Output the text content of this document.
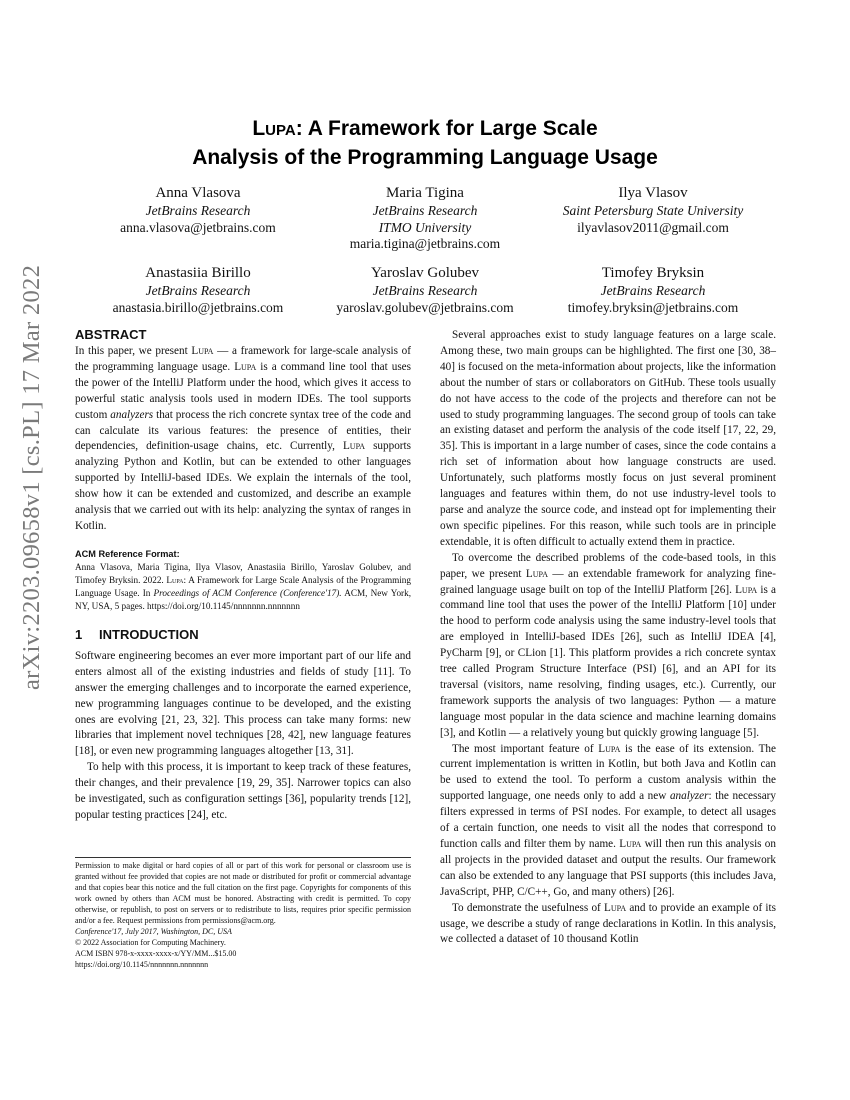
arXiv:2203.09658v1 [cs.PL] 17 Mar 2022
Lupa: A Framework for Large Scale
Analysis of the Programming Language Usage
Anna Vlasova
JetBrains Research
anna.vlasova@jetbrains.com
Maria Tigina
JetBrains Research
ITMO University
maria.tigina@jetbrains.com
Ilya Vlasov
Saint Petersburg State University
ilyavlasov2011@gmail.com
Anastasiia Birillo
JetBrains Research
anastasia.birillo@jetbrains.com
Yaroslav Golubev
JetBrains Research
yaroslav.golubev@jetbrains.com
Timofey Bryksin
JetBrains Research
timofey.bryksin@jetbrains.com

ABSTRACT

In this paper, we present Lupa — a framework for large-scale analysis of the programming language usage. Lupa is a command line tool that uses the power of the IntelliJ Platform under the hood, which gives it access to powerful static analysis tools used in modern IDEs. The tool supports custom analyzers that process the rich concrete syntax tree of the code and can calculate its various features: the presence of entities, their dependencies, definition-usage chains, etc. Currently, Lupa supports analyzing Python and Kotlin, but can be extended to other languages supported by IntelliJ-based IDEs. We explain the internals of the tool, show how it can be extended and customized, and describe an example analysis that we carried out with its help: analyzing the syntax of ranges in Kotlin.

ACM Reference Format:

Anna Vlasova, Maria Tigina, Ilya Vlasov, Anastasiia Birillo, Yaroslav Golubev, and Timofey Bryksin. 2022. Lupa: A Framework for Large Scale Analysis of the Programming Language Usage. In Proceedings of ACM Conference (Conference'17). ACM, New York, NY, USA, 5 pages. https://doi.org/10.1145/nnnnnnn.nnnnnnn

1 INTRODUCTION

Software engineering becomes an ever more important part of our life and enters almost all of the existing industries and fields of study [11]. To answer the emerging challenges and to incorporate the earned experience, new programming languages continue to be developed, and the existing ones are evolving [21, 23, 32]. This process can take many forms: new libraries that implement novel techniques [28, 42], new language features [18], or even new programming languages altogether [13, 31].

To help with this process, it is important to keep track of these features, their changes, and their prevalence [19, 29, 35]. Narrower topics can also be investigated, such as configuration settings [36], popularity trends [12], popular testing practices [24], etc.

Permission to make digital or hard copies of all or part of this work for personal or classroom use is granted without fee provided that copies are not made or distributed for profit or commercial advantage and that copies bear this notice and the full citation on the first page. Copyrights for components of this work owned by others than ACM must be honored. Abstracting with credit is permitted. To copy otherwise, or republish, to post on servers or to redistribute to lists, requires prior specific permission and/or a fee. Request permissions from permissions@acm.org.

Conference'17, July 2017, Washington, DC, USA

© 2022 Association for Computing Machinery.

ACM ISBN 978-x-xxxx-xxxx-x/YY/MM...$15.00

https://doi.org/10.1145/nnnnnnn.nnnnnnn

Several approaches exist to study language features on a large scale. Among these, two main groups can be highlighted. The first one [30, 38–40] is focused on the meta-information about projects, like the information about the number of stars or collaborators on GitHub. These tools usually do not have access to the code of the projects and therefore can not be used to study programming languages. The second group of tools can take an existing dataset and perform the analysis of the code itself [17, 22, 29, 35]. This is important in a large number of cases, since the code contains a rich set of information about how language constructs are used. Unfortunately, such platforms mostly focus on just several prominent languages and features within them, do not use industry-level tools to parse and analyze the source code, and instead opt for implementing their own specific pipelines. For this reason, while such tools are in principle extendable, it is often difficult to actually extend them in practice.

To overcome the described problems of the code-based tools, in this paper, we present Lupa — an extendable framework for analyzing fine-grained language usage built on top of the IntelliJ Platform [26]. Lupa is a command line tool that uses the power of the IntelliJ Platform [10] under the hood to perform code analysis using the same industry-level tools that are employed in IntelliJ-based IDEs [26], such as IntelliJ IDEA [4], PyCharm [9], or CLion [1]. This platform provides a rich concrete syntax tree called Program Structure Interface (PSI) [6], and an API for its traversal (visitors, name resolving, finding usages, etc.). Currently, our framework supports the analysis of two languages: Python — a mature language most popular in the data science and machine learning domains [3], and Kotlin — a relatively young but quickly growing language [5].

The most important feature of Lupa is the ease of its extension. The current implementation is written in Kotlin, but both Java and Kotlin can be used to extend the tool. To perform a custom analysis within the supported language, one needs only to add a new analyzer: the necessary filters expressed in terms of PSI nodes. For example, to detect all usages of a certain function, one needs to visit all the nodes that correspond to function calls and filter them by name. Lupa will then run this analysis on all projects in the provided dataset and output the results. Our framework can also be extended to any language that PSI supports (this includes Java, JavaScript, PHP, C/C++, Go, and many others) [26].

To demonstrate the usefulness of Lupa and to provide an example of its usage, we describe a study of range declarations in Kotlin. In this analysis, we collected a dataset of 10 thousand Kotlin
